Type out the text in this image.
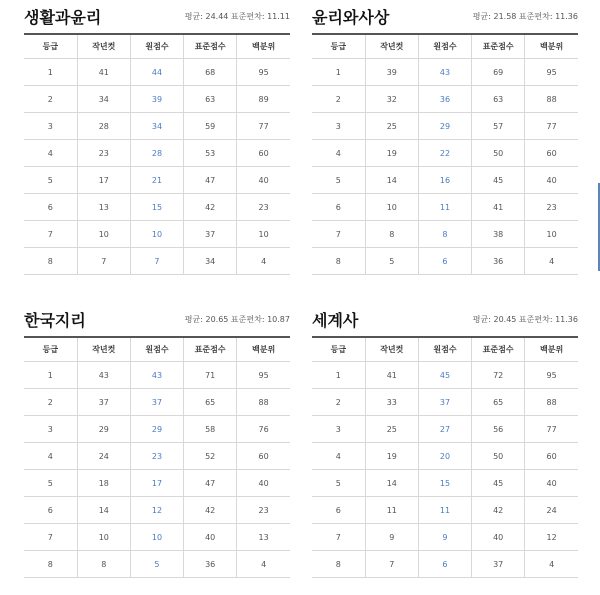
생활과윤리	평균: 24.44 표준편차: 11.11
등급	작년컷	원점수	표준점수	백분위
1	41	44	68	95
2	34	39	63	89
3	28	34	59	77
4	23	28	53	60
5	17	21	47	40
6	13	15	42	23
7	10	10	37	10
8	7	7	34	4
윤리와사상	평균: 21.58 표준편차: 11.36
등급	작년컷	원점수	표준점수	백분위
1	39	43	69	95
2	32	36	63	88
3	25	29	57	77
4	19	22	50	60
5	14	16	45	40
6	10	11	41	23
7	8	8	38	10
8	5	6	36	4
한국지리	평균: 20.65 표준편차: 10.87
등급	작년컷	원점수	표준점수	백분위
1	43	43	71	95
2	37	37	65	88
3	29	29	58	76
4	24	23	52	60
5	18	17	47	40
6	14	12	42	23
7	10	10	40	13
8	8	5	36	4
세계사	평균: 20.45 표준편차: 11.36
등급	작년컷	원점수	표준점수	백분위
1	41	45	72	95
2	33	37	65	88
3	25	27	56	77
4	19	20	50	60
5	14	15	45	40
6	11	11	42	24
7	9	9	40	12
8	7	6	37	4
